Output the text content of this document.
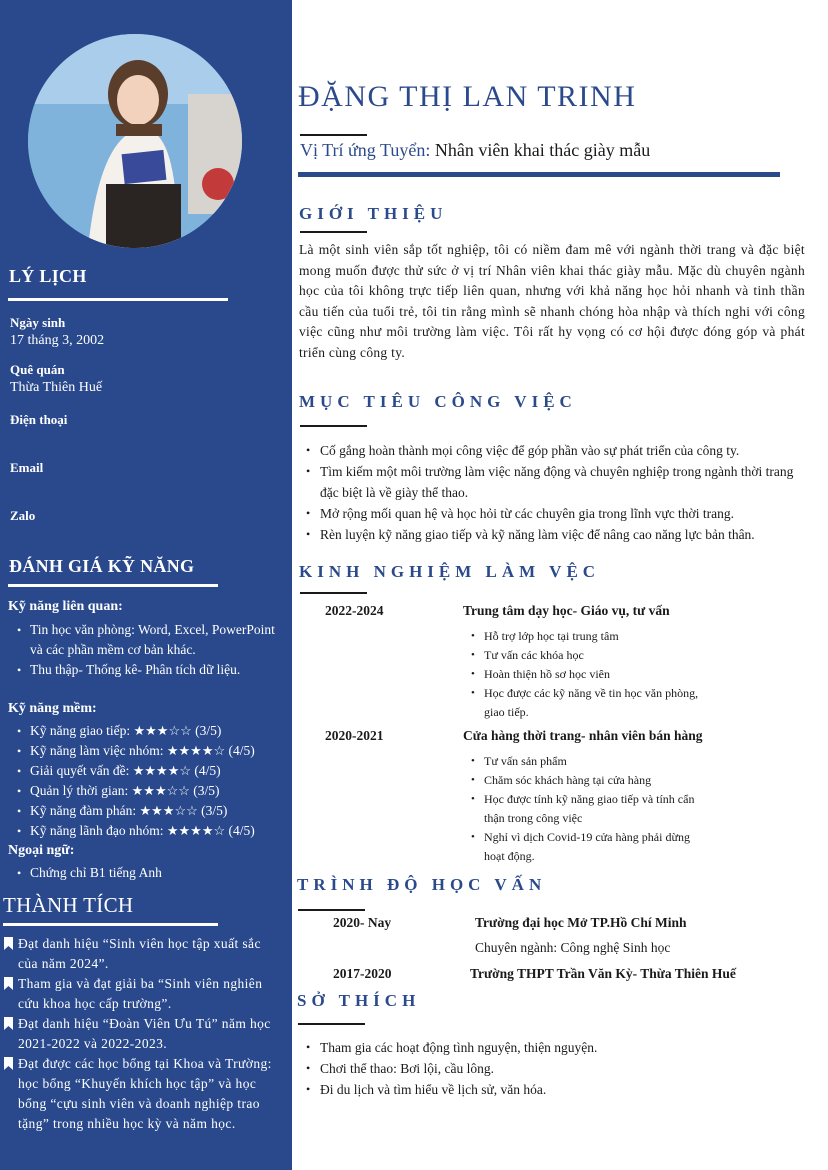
LÝ LỊCH
Ngày sinh
17 tháng 3, 2002
Quê quán
Thừa Thiên Huế
Điện thoại
Email
Zalo
ĐÁNH GIÁ KỸ NĂNG
Kỹ năng liên quan:
• Tin học văn phòng: Word, Excel, PowerPoint và các phần mềm cơ bản khác.
• Thu thập- Thống kê- Phân tích dữ liệu.
Kỹ năng mềm:
• Kỹ năng giao tiếp: ★★★☆☆ (3/5)
• Kỹ năng làm việc nhóm: ★★★★☆ (4/5)
• Giải quyết vấn đề: ★★★★☆ (4/5)
• Quản lý thời gian: ★★★☆☆ (3/5)
• Kỹ năng đàm phán: ★★★☆☆ (3/5)
• Kỹ năng lãnh đạo nhóm: ★★★★☆ (4/5)
Ngoại ngữ:
• Chứng chỉ B1 tiếng Anh
THÀNH TÍCH
Đạt danh hiệu “Sinh viên học tập xuất sắc của năm 2024”.
Tham gia và đạt giải ba “Sinh viên nghiên cứu khoa học cấp trường”.
Đạt danh hiệu “Đoàn Viên Ưu Tú” năm học 2021-2022 và 2022-2023.
Đạt được các học bổng tại Khoa và Trường: học bổng “Khuyến khích học tập” và học bổng “cựu sinh viên và doanh nghiệp trao tặng” trong nhiều học kỳ và năm học.
ĐẶNG THỊ LAN TRINH
Vị Trí ứng Tuyển: Nhân viên khai thác giày mẫu
GIỚI THIỆU
Là một sinh viên sắp tốt nghiệp, tôi có niềm đam mê với ngành thời trang và đặc biệt mong muốn được thử sức ở vị trí Nhân viên khai thác giày mẫu. Mặc dù chuyên ngành học của tôi không trực tiếp liên quan, nhưng với khả năng học hỏi nhanh và tinh thần cầu tiến của tuổi trẻ, tôi tin rằng mình sẽ nhanh chóng hòa nhập và thích nghi với công việc cũng như môi trường làm việc. Tôi rất hy vọng có cơ hội được đóng góp và phát triển cùng công ty.
MỤC TIÊU CÔNG VIỆC
• Cố gắng hoàn thành mọi công việc để góp phần vào sự phát triển của công ty.
• Tìm kiếm một môi trường làm việc năng động và chuyên nghiệp trong ngành thời trang đặc biệt là về giày thể thao.
• Mở rộng mối quan hệ và học hỏi từ các chuyên gia trong lĩnh vực thời trang.
• Rèn luyện kỹ năng giao tiếp và kỹ năng làm việc để nâng cao năng lực bản thân.
KINH NGHIỆM LÀM VỆC
2022-2024	Trung tâm dạy học- Giáo vụ, tư vấn
• Hỗ trợ lớp học tại trung tâm
• Tư vấn các khóa học
• Hoàn thiện hồ sơ học viên
• Học được các kỹ năng về tin học văn phòng, giao tiếp.
2020-2021	Cửa hàng thời trang- nhân viên bán hàng
• Tư vấn sản phẩm
• Chăm sóc khách hàng tại cửa hàng
• Học được tính kỹ năng giao tiếp và tính cẩn thận trong công việc
• Nghỉ vì dịch Covid-19 cửa hàng phải dừng hoạt động.
TRÌNH ĐỘ HỌC VẤN
2020- Nay	Trường đại học Mở TP.Hồ Chí Minh
Chuyên ngành: Công nghệ Sinh học
2017-2020	Trường THPT Trần Văn Kỳ- Thừa Thiên Huế
SỞ THÍCH
• Tham gia các hoạt động tình nguyện, thiện nguyện.
• Chơi thể thao: Bơi lội, cầu lông.
• Đi du lịch và tìm hiểu về lịch sử, văn hóa.
